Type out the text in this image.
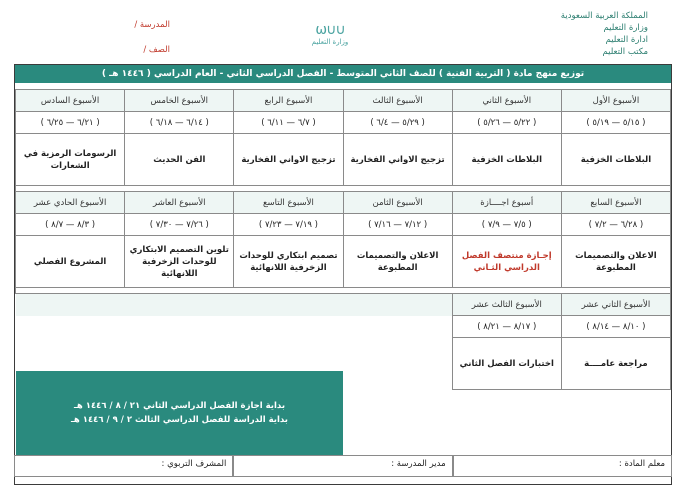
المملكة العربية السعودية
وزارة التعليم
ادارة التعليم
مكتب التعليم
ω∪∪
وزارة التعليم
المدرسة /
الصف /
توزيع منهج مادة ( التربية الفنية ) للصف الثاني المتوسط - الفصل الدراسي الثاني - العام الدراسي ( ١٤٤٦ هـ )
الأسبوع الأول	الأسبوع الثاني	الأسبوع الثالث	الأسبوع الرابع	الأسبوع الخامس	الأسبوع السادس
( ٥/١٥ — ٥/١٩ )	( ٥/٢٢ — ٥/٢٦ )	( ٥/٢٩ — ٦/٤ )	( ٦/٧ — ٦/١١ )	( ٦/١٤ — ٦/١٨ )	( ٦/٢١ — ٦/٢٥ )
البلاطات الخزفية	البلاطات الخزفية	تزجيج الاواني الفخارية	تزجيج الاواني الفخارية	الفن الحديث	الرسومات الرمزية في الشعارات

الأسبوع السابع	أسبوع اجــــازة	الأسبوع الثامن	الأسبوع التاسع	الأسبوع العاشر	الأسبوع الحادي عشر
( ٦/٢٨ — ٧/٢ )	( ٧/٥ — ٧/٩ )	( ٧/١٢ — ٧/١٦ )	( ٧/١٩ — ٧/٢٣ )	( ٧/٢٦ — ٧/٣٠ )	( ٨/٣ — ٨/٧ )
الاعلان والتصميمات المطبوعة	إجـازة منتصف الفصل الدراسي الثـاني	الاعلان والتصميمات المطبوعة	تصميم ابتكاري للوحدات الزخرفية اللانهائية	تلوين التصميم الابتكاري للوحدات الزخرفية اللانهائية	المشروع الفصلي

الأسبوع الثاني عشر	الأسبوع الثالث عشر				
( ٨/١٠ — ٨/١٤ )	( ٨/١٧ — ٨/٢١ )				
مراجعة عامــــة	اختبارات الفصل الثاني				
بداية اجازة الفصل الدراسي الثاني ٢١ / ٨ / ١٤٤٦ هـ
بداية الدراسة للفصل الدراسي الثالث ٢ / ٩ / ١٤٤٦ هـ
معلم المادة :
مدير المدرسة :
المشرف التربوي :
